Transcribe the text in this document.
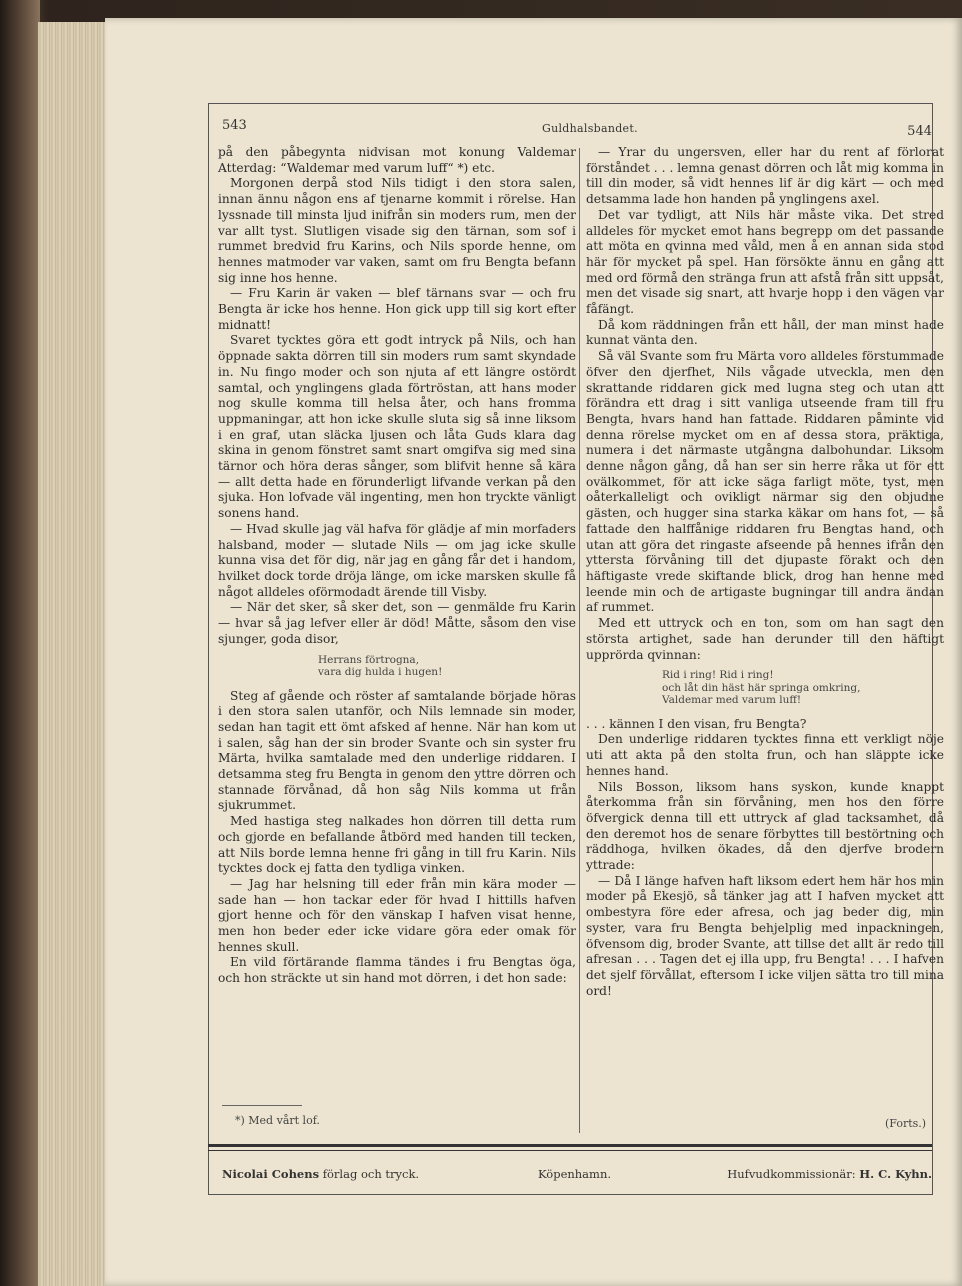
543	Guldhalsbandet.	544

på den påbegynta nidvisan mot konung Valdemar Atterdag: “Waldemar med varum luff“ *) etc.

Morgonen derpå stod Nils tidigt i den stora salen, innan ännu någon ens af tjenarne kommit i rörelse. Han lyssnade till minsta ljud inifrån sin moders rum, men der var allt tyst. Slutligen visade sig den tärnan, som sof i rummet bredvid fru Karins, och Nils sporde henne, om hennes matmoder var vaken, samt om fru Bengta befann sig inne hos henne.

— Fru Karin är vaken — blef tärnans svar — och fru Bengta är icke hos henne. Hon gick upp till sig kort efter midnatt!

Svaret tycktes göra ett godt intryck på Nils, och han öppnade sakta dörren till sin moders rum samt skyndade in. Nu fingo moder och son njuta af ett längre ostördt samtal, och ynglingens glada förtröstan, att hans moder nog skulle komma till helsa åter, och hans fromma uppmaningar, att hon icke skulle sluta sig så inne liksom i en graf, utan släcka ljusen och låta Guds klara dag skina in genom fönstret samt snart omgifva sig med sina tärnor och höra deras sånger, som blifvit henne så kära — allt detta hade en förunderligt lifvande verkan på den sjuka. Hon lofvade väl ingenting, men hon tryckte vänligt sonens hand.

— Hvad skulle jag väl hafva för glädje af min morfaders halsband, moder — slutade Nils — om jag icke skulle kunna visa det för dig, när jag en gång får det i handom, hvilket dock torde dröja länge, om icke marsken skulle få något alldeles oförmodadt ärende till Visby.

— När det sker, så sker det, son — genmälde fru Karin — hvar så jag lefver eller är död! Måtte, såsom den vise sjunger, goda disor,

Herrans förtrogna,
vara dig hulda i hugen!

Steg af gående och röster af samtalande började höras i den stora salen utanför, och Nils lemnade sin moder, sedan han tagit ett ömt afsked af henne. När han kom ut i salen, såg han der sin broder Svante och sin syster fru Märta, hvilka samtalade med den underlige riddaren. I detsamma steg fru Bengta in genom den yttre dörren och stannade förvånad, då hon såg Nils komma ut från sjukrummet.

Med hastiga steg nalkades hon dörren till detta rum och gjorde en befallande åtbörd med handen till tecken, att Nils borde lemna henne fri gång in till fru Karin. Nils tycktes dock ej fatta den tydliga vinken.

— Jag har helsning till eder från min kära moder — sade han — hon tackar eder för hvad I hittills hafven gjort henne och för den vänskap I hafven visat henne, men hon beder eder icke vidare göra eder omak för hennes skull.

En vild förtärande flamma tändes i fru Bengtas öga, och hon sträckte ut sin hand mot dörren, i det hon sade:

— Yrar du ungersven, eller har du rent af förlorat förståndet . . . lemna genast dörren och låt mig komma in till din moder, så vidt hennes lif är dig kärt — och med detsamma lade hon handen på ynglingens axel.

Det var tydligt, att Nils här måste vika. Det stred alldeles för mycket emot hans begrepp om det passande att möta en qvinna med våld, men å en annan sida stod här för mycket på spel. Han försökte ännu en gång att med ord förmå den stränga frun att afstå från sitt uppsåt, men det visade sig snart, att hvarje hopp i den vägen var fåfängt.

Då kom räddningen från ett håll, der man minst hade kunnat vänta den.

Så väl Svante som fru Märta voro alldeles förstummade öfver den djerfhet, Nils vågade utveckla, men den skrattande riddaren gick med lugna steg och utan att förändra ett drag i sitt vanliga utseende fram till fru Bengta, hvars hand han fattade. Riddaren påminte vid denna rörelse mycket om en af dessa stora, präktiga, numera i det närmaste utgångna dalbohundar. Liksom denne någon gång, då han ser sin herre råka ut för ett ovälkommet, för att icke säga farligt möte, tyst, men oåterkalleligt och ovikligt närmar sig den objudne gästen, och hugger sina starka käkar om hans fot, — så fattade den halffånige riddaren fru Bengtas hand, och utan att göra det ringaste afseende på hennes ifrån den yttersta förvåning till det djupaste förakt och den häftigaste vrede skiftande blick, drog han henne med leende min och de artigaste bugningar till andra ändan af rummet.

Med ett uttryck och en ton, som om han sagt den största artighet, sade han derunder till den häftigt upprörda qvinnan:

Rid i ring! Rid i ring!
och låt din häst här springa omkring,
Valdemar med varum luff!

. . . kännen I den visan, fru Bengta?

Den underlige riddaren tycktes finna ett verkligt nöje uti att akta på den stolta frun, och han släppte icke hennes hand.

Nils Bosson, liksom hans syskon, kunde knappt återkomma från sin förvåning, men hos den förre öfvergick denna till ett uttryck af glad tacksamhet, då den deremot hos de senare förbyttes till bestörtning och räddhoga, hvilken ökades, då den djerfve brodern yttrade:

— Då I länge hafven haft liksom edert hem här hos min moder på Ekesjö, så tänker jag att I hafven mycket att ombestyra före eder afresa, och jag beder dig, min syster, vara fru Bengta behjelplig med inpackningen, öfvensom dig, broder Svante, att tillse det allt är redo till afresan . . . Tagen det ej illa upp, fru Bengta! . . . I hafven det sjelf förvållat, eftersom I icke viljen sätta tro till mina ord!

*) Med vårt lof.	(Forts.)
Nicolai Cohens förlag och tryck.	Köpenhamn.	Hufvudkommissionär: H. C. Kyhn.
